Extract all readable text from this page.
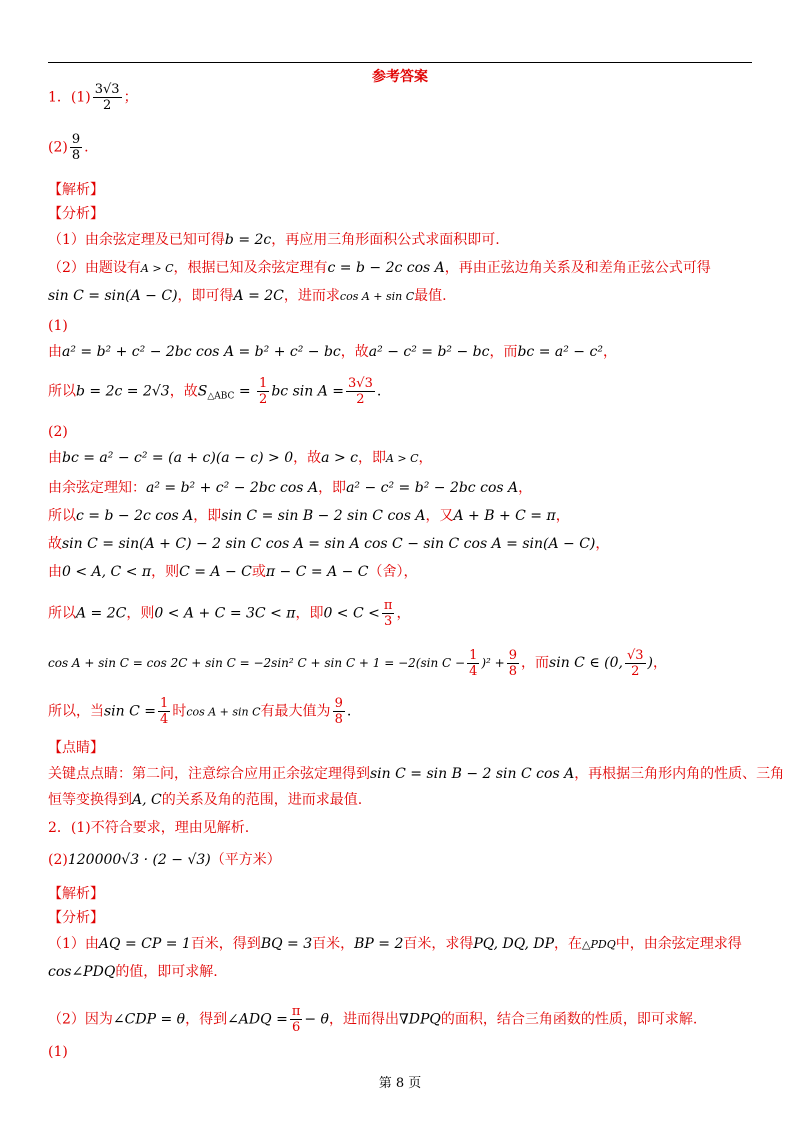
参考答案
1．$(1) \frac{3√3}{2}$ ；
$(2) \frac{9}{8}$ .
【解析】
【分析】
（1）由余弦定理及已知可得b = 2c，再应用三角形面积公式求面积即可.
（2）由题设有A > C，根据已知及余弦定理有c = b − 2c cos A，再由正弦边角关系及和差角正弦公式可得
sin C = sin(A − C)，即可得A = 2C，进而求cos A + sin C最值.
(1)
由a² = b² + c² − 2bc cos A = b² + c² − bc，故a² − c² = b² − bc，而bc = a² − c²，
所以b = 2c = 2√3，故$S_{\triangle ABC} = \frac{1}{2}$ bc $\sin A = \frac{3√3}{2}$ .
(2)
由bc = a² − c² = (a + c)(a − c) > 0，故a > c，即A > C，
由余弦定理知：a² = b² + c² − 2bc cos A，即a² − c² = b² − 2bc cos A，
所以c = b − 2c cos A，即sin C = sin B − 2 sin C cos A，又A + B + C = π，
故sin C = sin(A + C) − 2 sin C cos A = sin A cos C − sin C cos A = sin(A − C)，
由0 < A, C < π，则C = A − C或π − C = A − C（舍），
所以A = 2C，则0 < A + C = 3C < π，即$0 < C < \frac{\pi}{3}$ ，
cos A + sin C = cos 2C + sin C = −2sin² C + sin C + 1 = −2(sin $C - \frac{1}{4} )^2 + \frac{9}{8}$ ，而sin C ∈ (0, $\frac{√3}{2}$ )，
所以，当$\sin C = \frac{1}{4}$ 时cos A + sin C有最大值为 $\frac{9}{8}$ .
【点睛】
关键点点睛：第二问，注意综合应用正余弦定理得到sin C = sin B − 2 sin C cos A，再根据三角形内角的性质、三角
恒等变换得到A, C的关系及角的范围，进而求最值.
2．(1)不符合要求，理由见解析.
(2)120000√3 · (2 − √3)（平方米）
【解析】
【分析】
（1）由AQ = CP = 1百米，得到BQ = 3百米，BP = 2百米，求得PQ, DQ, DP，在△PDQ中，由余弦定理求得
cos∠PDQ的值，即可求解.
（2）因为∠CDP = θ，得到∠ADQ = $\frac{\pi}{6} - \theta$，进而得出∇DPQ的面积，结合三角函数的性质，即可求解.
(1)
第 8 页
